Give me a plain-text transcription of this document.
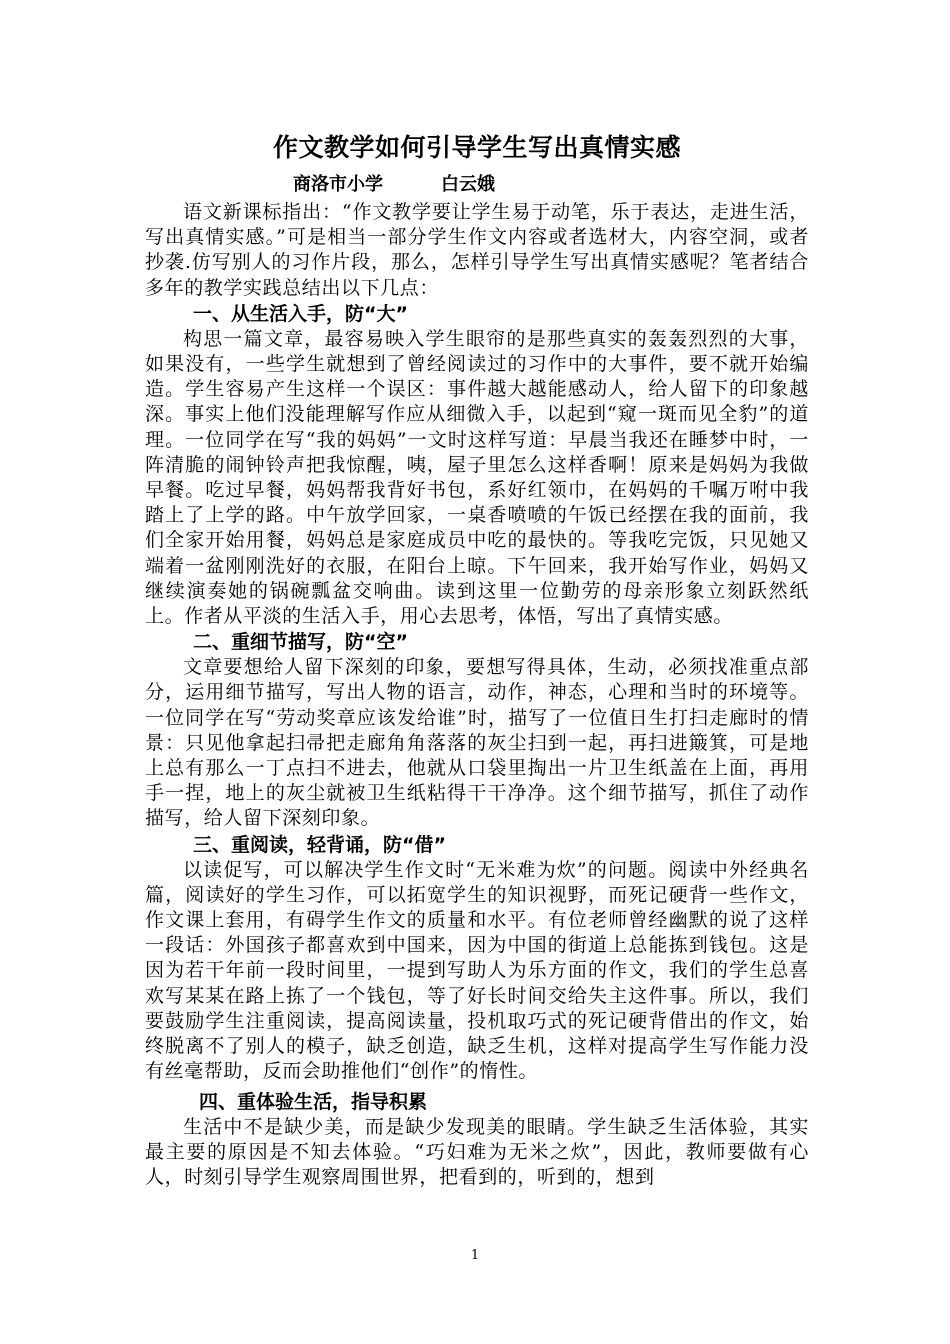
作文教学如何引导学生写出真情实感

商洛市小学	白云娥

语文新课标指出：“作文教学要让学生易于动笔，乐于表达，走进生活，写出真情实感。”可是相当一部分学生作文内容或者选材大，内容空洞，或者抄袭.仿写别人的习作片段，那么，怎样引导学生写出真情实感呢？笔者结合多年的教学实践总结出以下几点：

一、从生活入手，防“大”

构思一篇文章，最容易映入学生眼帘的是那些真实的轰轰烈烈的大事，如果没有，一些学生就想到了曾经阅读过的习作中的大事件，要不就开始编造。学生容易产生这样一个误区：事件越大越能感动人，给人留下的印象越深。事实上他们没能理解写作应从细微入手，以起到“窥一斑而见全豹”的道理。一位同学在写“我的妈妈”一文时这样写道：早晨当我还在睡梦中时，一阵清脆的闹钟铃声把我惊醒，咦，屋子里怎么这样香啊！原来是妈妈为我做早餐。吃过早餐，妈妈帮我背好书包，系好红领巾，在妈妈的千嘱万咐中我踏上了上学的路。中午放学回家，一桌香喷喷的午饭已经摆在我的面前，我们全家开始用餐，妈妈总是家庭成员中吃的最快的。等我吃完饭，只见她又端着一盆刚刚洗好的衣服，在阳台上晾。下午回来，我开始写作业，妈妈又继续演奏她的锅碗瓢盆交响曲。读到这里一位勤劳的母亲形象立刻跃然纸上。作者从平淡的生活入手，用心去思考，体悟，写出了真情实感。

二、重细节描写，防“空”

文章要想给人留下深刻的印象，要想写得具体，生动，必须找准重点部分，运用细节描写，写出人物的语言，动作，神态，心理和当时的环境等。一位同学在写“劳动奖章应该发给谁”时，描写了一位值日生打扫走廊时的情景：只见他拿起扫帚把走廊角角落落的灰尘扫到一起，再扫进簸箕，可是地上总有那么一丁点扫不进去，他就从口袋里掏出一片卫生纸盖在上面，再用手一捏，地上的灰尘就被卫生纸粘得干干净净。这个细节描写，抓住了动作描写，给人留下深刻印象。

三、重阅读，轻背诵，防“借”

以读促写，可以解决学生作文时“无米难为炊”的问题。阅读中外经典名篇，阅读好的学生习作，可以拓宽学生的知识视野，而死记硬背一些作文，作文课上套用，有碍学生作文的质量和水平。有位老师曾经幽默的说了这样一段话：外国孩子都喜欢到中国来，因为中国的街道上总能拣到钱包。这是因为若干年前一段时间里，一提到写助人为乐方面的作文，我们的学生总喜欢写某某在路上拣了一个钱包，等了好长时间交给失主这件事。所以，我们要鼓励学生注重阅读，提高阅读量，投机取巧式的死记硬背借出的作文，始终脱离不了别人的模子，缺乏创造，缺乏生机，这样对提高学生写作能力没有丝毫帮助，反而会助推他们“创作”的惰性。

四、重体验生活，指导积累

生活中不是缺少美，而是缺少发现美的眼睛。学生缺乏生活体验，其实最主要的原因是不知去体验。“巧妇难为无米之炊”，因此，教师要做有心人，时刻引导学生观察周围世界，把看到的，听到的，想到

1
